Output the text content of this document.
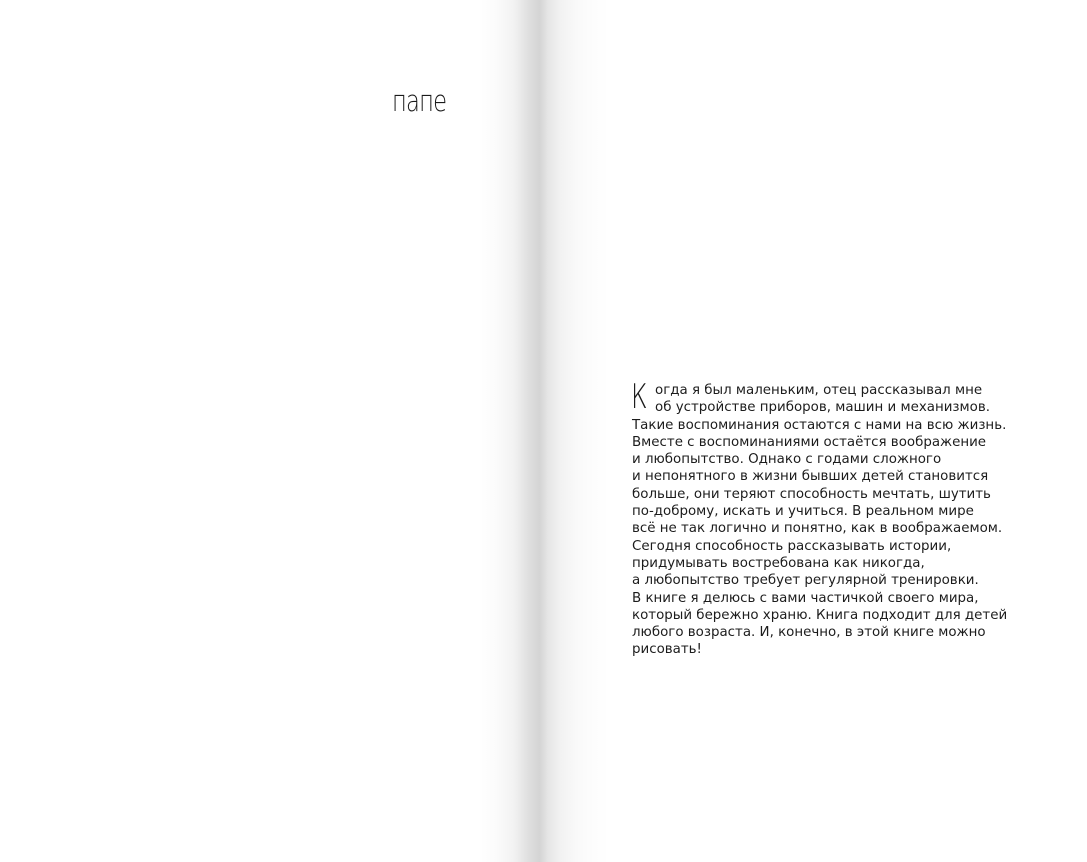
папе
Когда я был маленьким, отец рассказывал мне
об устройстве приборов, машин и механизмов.
Такие воспоминания остаются с нами на всю жизнь.
Вместе с воспоминаниями остаётся воображение
и любопытство. Однако с годами сложного
и непонятного в жизни бывших детей становится
больше, они теряют способность мечтать, шутить
по-доброму, искать и учиться. В реальном мире
всё не так логично и понятно, как в воображаемом.
Сегодня способность рассказывать истории,
придумывать востребована как никогда,
а любопытство требует регулярной тренировки.
В книге я делюсь с вами частичкой своего мира,
который бережно храню. Книга подходит для детей
любого возраста. И, конечно, в этой книге можно
рисовать!
